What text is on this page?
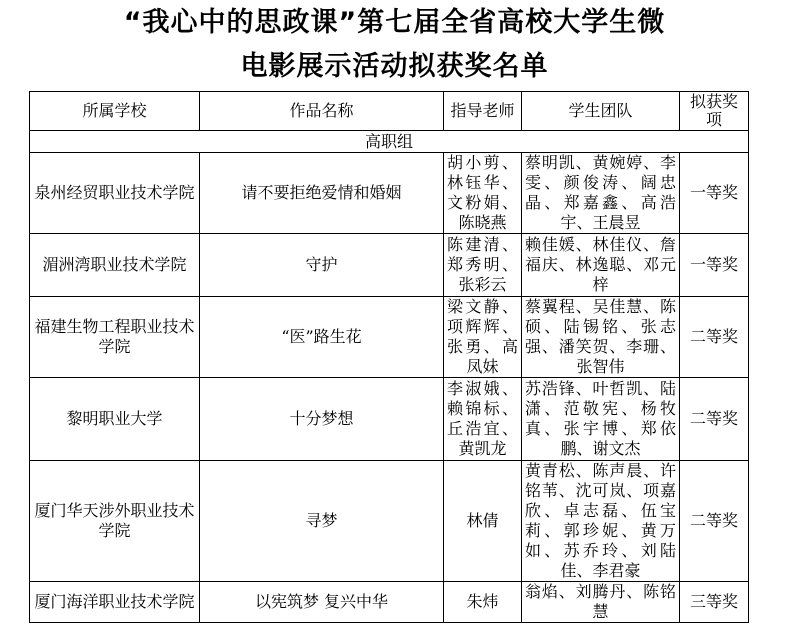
“我心中的思政课”第七届全省高校大学生微
电影展示活动拟获奖名单
所属学校	作品名称	指导老师	学生团队	拟获奖项
高职组				
泉州经贸职业技术学院	请不要拒绝爱情和婚姻	胡小剪、林钰华、文粉娟、陈晓燕	蔡明凯、黄婉婷、李雯、颜俊涛、阔忠晶、郑嘉鑫、高浩宇、王晨昱	一等奖
湄洲湾职业技术学院	守护	陈建清、郑秀明、张彩云	赖佳媛、林佳仪、詹福庆、林逸聪、邓元梓	一等奖
福建生物工程职业技术学院	“医”路生花	梁文静、项辉辉、张勇、高凤妹	蔡翼程、吴佳慧、陈硕、陆锡铭、张志强、潘笑贺、李珊、张智伟	二等奖
黎明职业大学	十分梦想	李淑娥、赖锦标、丘浩宜、黄凯龙	苏浩锋、叶哲凯、陆潇、范敬宪、杨牧真、张宇博、郑依鹏、谢文杰	二等奖
厦门华天涉外职业技术学院	寻梦	林倩	黄青松、陈声晨、许铭苇、沈可岚、项嘉欣、卓志磊、伍宝莉、郭珍妮、黄万如、苏乔玲、刘陆佳、李君豪	二等奖
厦门海洋职业技术学院	以宪筑梦 复兴中华	朱炜	翁焰、刘腾丹、陈铭慧	三等奖
